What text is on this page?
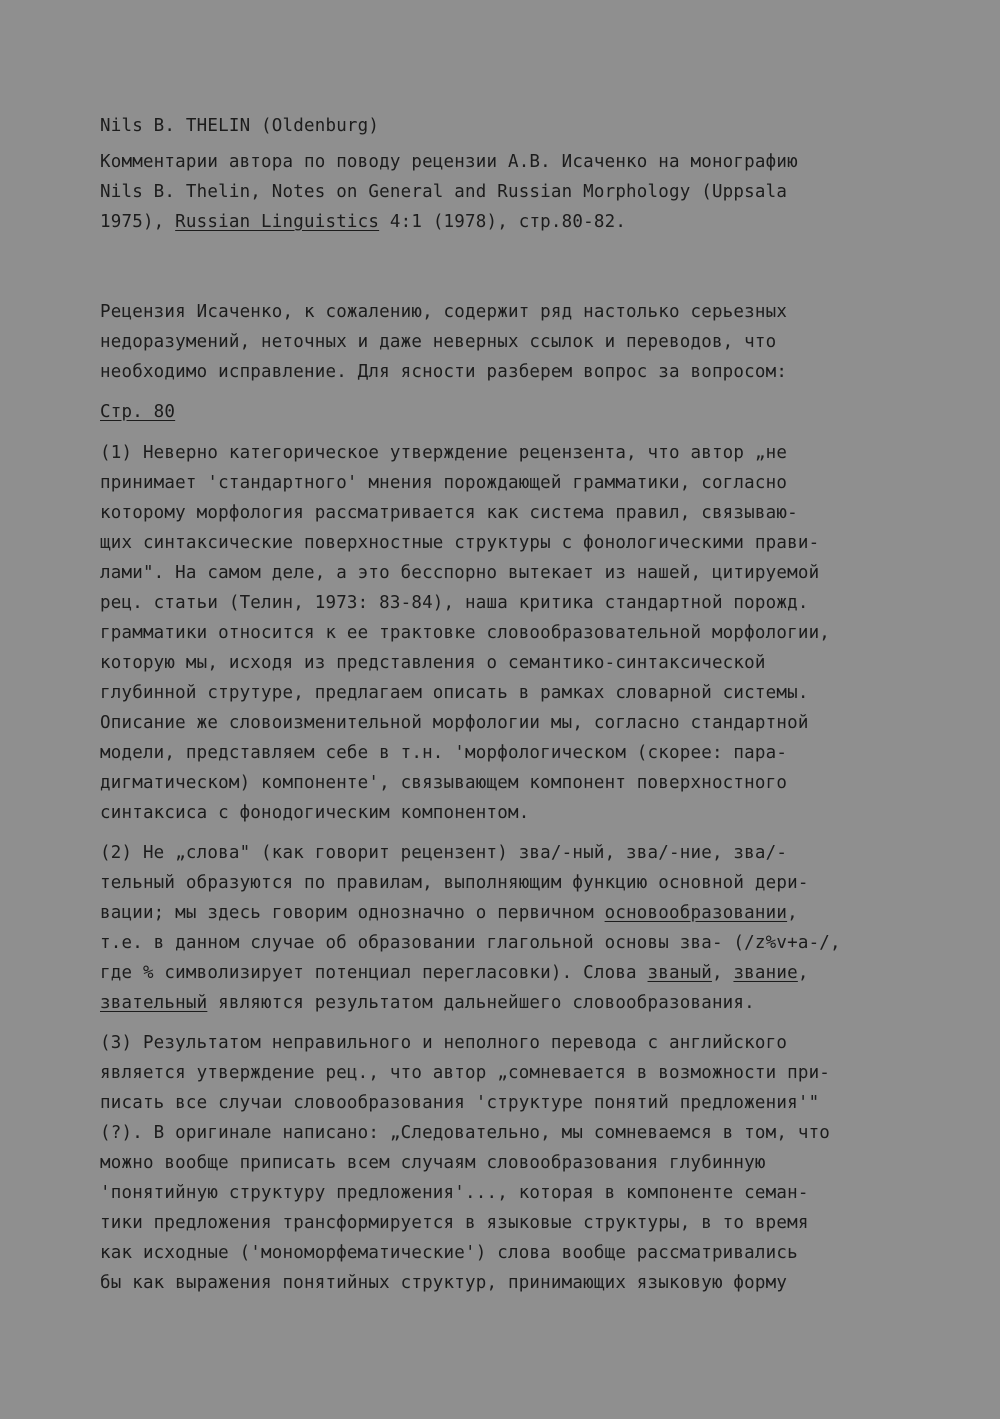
Nils B. THELIN (Oldenburg)
Комментарии автора по поводу рецензии А.В. Исаченко на монографию
Nils B. Thelin, Notes on General and Russian Morphology (Uppsala
1975), Russian Linguistics 4:1 (1978), стр.80-82.
Рецензия Исаченко, к сожалению, содержит ряд настолько серьезных
недоразумений, неточных и даже неверных ссылок и переводов, что
необходимо исправление. Для ясности разберем вопрос за вопросом:
Стр. 80
(1) Неверно категорическое утверждение рецензента, что автор „не
принимает 'стандартного' мнения порождающей грамматики, согласно
которому морфология рассматривается как система правил, связываю-
щих синтаксические поверхностные структуры с фонологическими прави-
лами". На самом деле, а это бесспорно вытекает из нашей, цитируемой
рец. статьи (Телин, 1973: 83-84), наша критика стандартной порожд.
грамматики относится к ее трактовке словообразовательной морфологии,
которую мы, исходя из представления о семантико-синтаксической
глубинной струтуре, предлагаем описать в рамках словарной системы.
Описание же словоизменительной морфологии мы, согласно стандартной
модели, представляем себе в т.н. 'морфологическом (скорее: пара-
дигматическом) компоненте', связывающем компонент поверхностного
синтаксиса с фонодогическим компонентом.
(2) Не „слова" (как говорит рецензент) зва/-ный, зва/-ние, зва/-
тельный образуются по правилам, выполняющим функцию основной дери-
вации; мы здесь говорим однозначно о первичном основообразовании,
т.е. в данном случае об образовании глагольной основы зва- (/z%v+a-/,
где % символизирует потенциал перегласовки). Слова званый, звание,
звательный являются результатом дальнейшего словообразования.
(3) Результатом неправильного и неполного перевода с английского
является утверждение рец., что автор „сомневается в возможности при-
писать все случаи словообразования 'структуре понятий предложения'"
(?). В оригинале написано: „Следовательно, мы сомневаемся в том, что
можно вообще приписать всем случаям словообразования глубинную
'понятийную структуру предложения'..., которая в компоненте семан-
тики предложения трансформируется в языковые структуры, в то время
как исходные ('мономорфематические') слова вообще рассматривались
бы как выражения понятийных структур, принимающих языковую форму
